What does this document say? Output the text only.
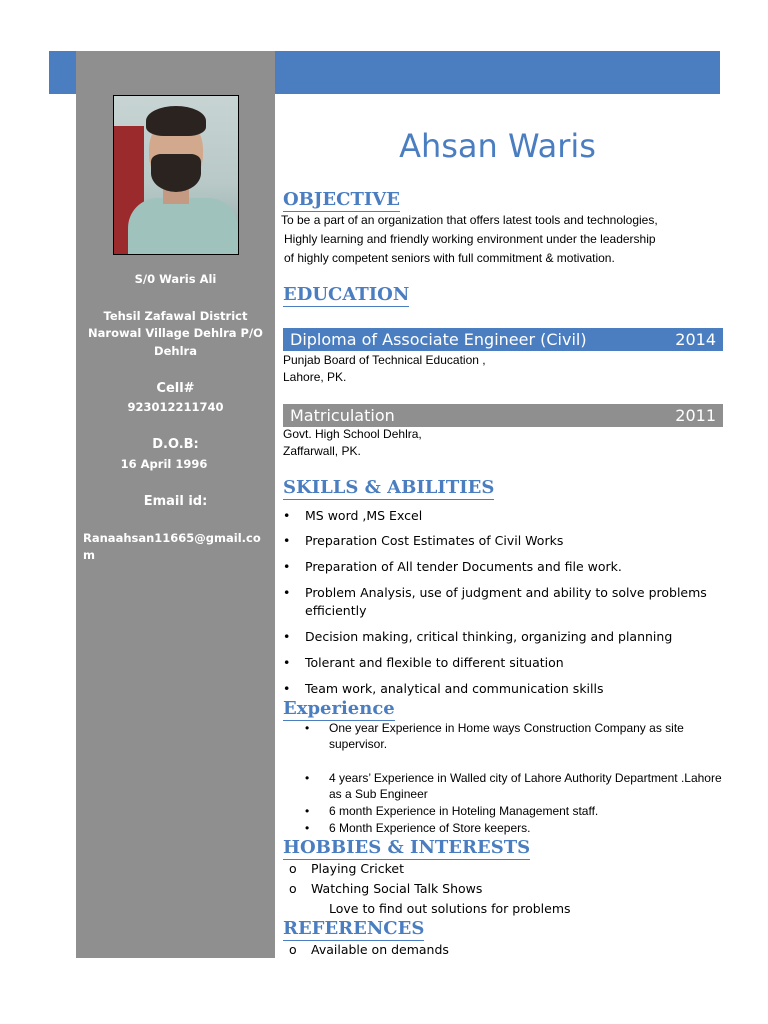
S/0 Waris Ali
Tehsil Zafawal District
Narowal Village Dehlra P/O
Dehlra
Cell#
923012211740
D.O.B:
16 April 1996
Email id:
Ranaahsan11665@gmail.co
m
Ahsan Waris
OBJECTIVE
To be a part of an organization that offers latest tools and technologies,
Highly learning and friendly working environment under the leadership
of highly competent seniors with full commitment & motivation.
EDUCATION
Diploma of Associate Engineer (Civil)	2014
Punjab Board of Technical Education ,
Lahore, PK.
Matriculation	2011
Govt. High School Dehlra,
Zaffarwall, PK.
SKILLS & ABILITIES
• MS word ,MS Excel
• Preparation Cost Estimates of Civil Works
• Preparation of All tender Documents and file work.
• Problem Analysis, use of judgment and ability to solve problems efficiently
• Decision making, critical thinking, organizing and planning
• Tolerant and flexible to different situation
• Team work, analytical and communication skills
Experience
• One year Experience in Home ways Construction Company as site supervisor.
• 4 years’ Experience in Walled city of Lahore Authority Department .Lahore as a Sub Engineer
• 6 month Experience in Hoteling Management staff.
• 6 Month Experience of Store keepers.
HOBBIES & INTERESTS
o Playing Cricket
o Watching Social Talk Shows
Love to find out solutions for problems
REFERENCES
o Available on demands
